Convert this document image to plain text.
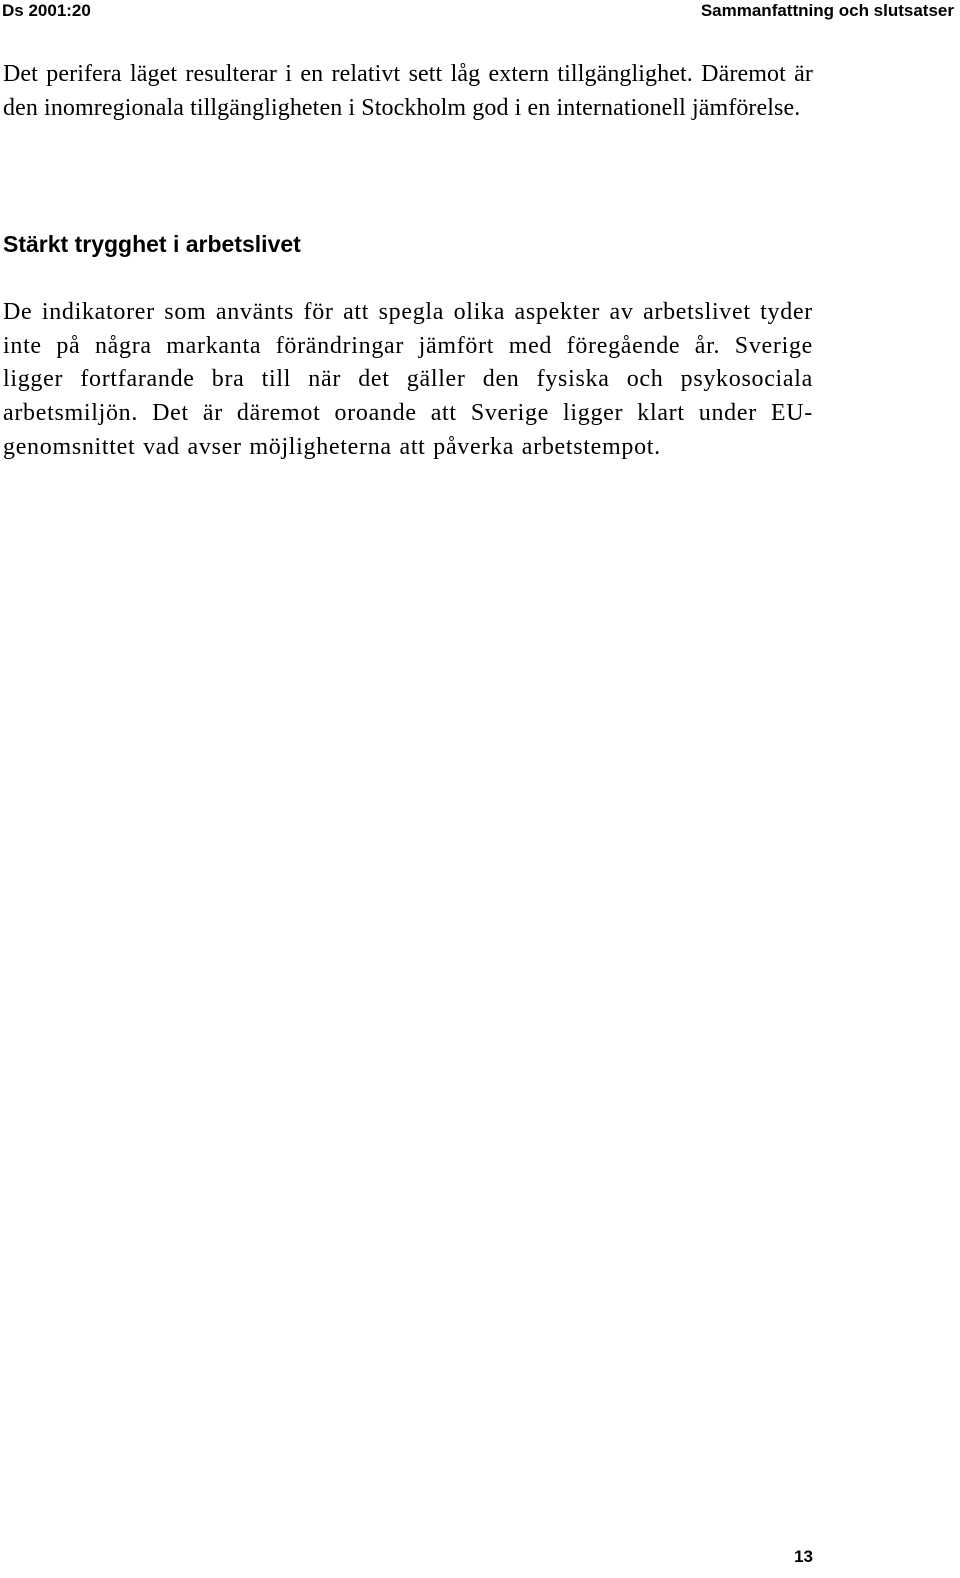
Ds 2001:20	Sammanfattning och slutsatser

Det perifera läget resulterar i en relativt sett låg extern tillgänglighet. Däremot är den inomregionala tillgängligheten i Stockholm god i en internationell jämförelse.

Stärkt trygghet i arbetslivet

De indikatorer som använts för att spegla olika aspekter av arbetslivet tyder inte på några markanta förändringar jämfört med föregående år. Sverige ligger fortfarande bra till när det gäller den fysiska och psykosociala arbetsmiljön. Det är däremot oroande att Sverige ligger klart under EU-genomsnittet vad avser möjligheterna att påverka arbetstempot.

13
